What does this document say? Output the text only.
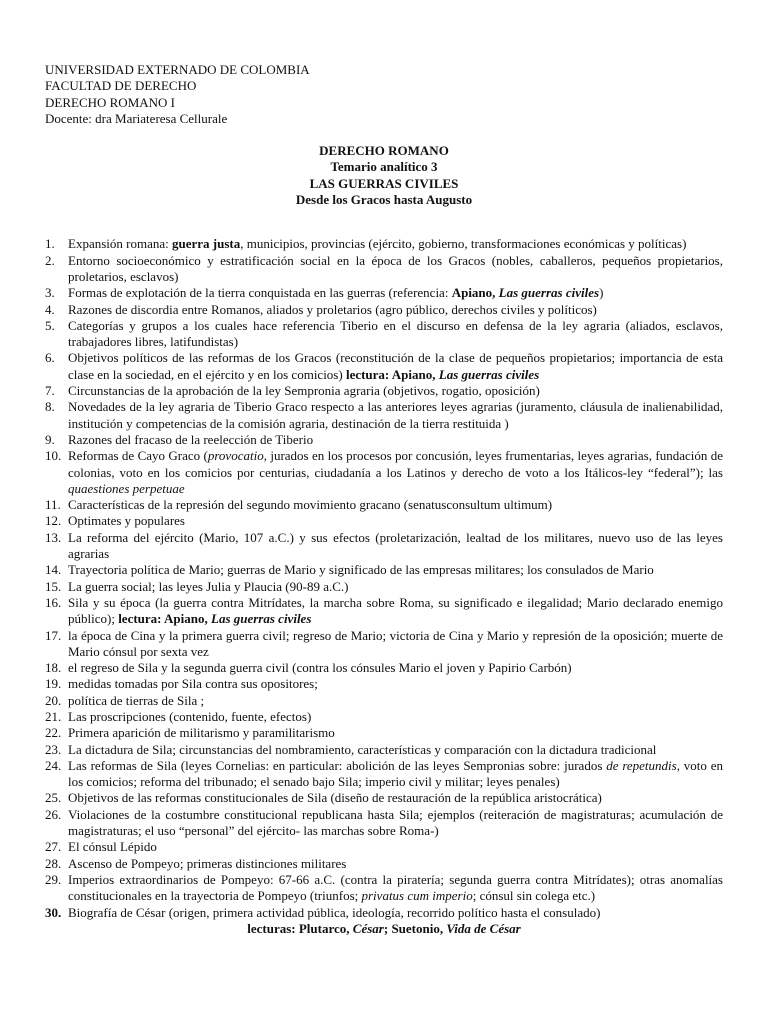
UNIVERSIDAD EXTERNADO DE COLOMBIA

FACULTAD DE DERECHO

DERECHO ROMANO I

Docente: dra Mariateresa Cellurale

DERECHO ROMANO
Temario analítico 3
LAS GUERRAS CIVILES
Desde los Gracos hasta Augusto
1.	Expansión romana: guerra justa, municipios, provincias (ejército, gobierno, transformaciones económicas y políticas)
2.	Entorno socioeconómico y estratificación social en la época de los Gracos (nobles, caballeros, pequeños propietarios, proletarios, esclavos)
3.	Formas de explotación de la tierra conquistada en las guerras (referencia: Apiano, Las guerras civiles)
4.	Razones de discordia entre Romanos, aliados y proletarios (agro público, derechos civiles y políticos)
5.	Categorías y grupos a los cuales hace referencia Tiberio en el discurso en defensa de la ley agraria (aliados, esclavos, trabajadores libres, latifundistas)
6.	Objetivos políticos de las reformas de los Gracos (reconstitución de la clase de pequeños propietarios; importancia de esta clase en la sociedad, en el ejército y en los comicios) lectura: Apiano, Las guerras civiles
7.	Circunstancias de la aprobación de la ley Sempronia agraria (objetivos, rogatio, oposición)
8.	Novedades de la ley agraria de Tiberio Graco respecto a las anteriores leyes agrarias (juramento, cláusula de inalienabilidad, institución y competencias de la comisión agraria, destinación de la tierra restituida )
9.	Razones del fracaso de la reelección de Tiberio
10. Reformas de Cayo Graco (provocatio, jurados en los procesos por concusión, leyes frumentarias, leyes agrarias, fundación de colonias, voto en los comicios por centurias, ciudadanía a los Latinos y derecho de voto a los Itálicos-ley “federal”); las quaestiones perpetuae
11. Características de la represión del segundo movimiento gracano (senatusconsultum ultimum)
12. Optimates y populares
13. La reforma del ejército (Mario, 107 a.C.) y sus efectos (proletarización, lealtad de los militares, nuevo uso de las leyes agrarias
14. Trayectoria política de Mario; guerras de Mario y significado de las empresas militares; los consulados de Mario
15. La guerra social; las leyes Julia y Plaucia (90-89 a.C.)
16. Sila y su época (la guerra contra Mitrídates, la marcha sobre Roma, su significado e ilegalidad; Mario declarado enemigo público); lectura: Apiano, Las guerras civiles
17. la época de Cina y la primera guerra civil; regreso de Mario; victoria de Cina y Mario y represión de la oposición; muerte de Mario cónsul por sexta vez
18. el regreso de Sila y la segunda guerra civil (contra los cónsules Mario el joven y Papirio Carbón)
19. medidas tomadas por Sila contra sus opositores;
20. política de tierras de Sila ;
21. Las proscripciones (contenido, fuente, efectos)
22. Primera aparición de militarismo y paramilitarismo
23. La dictadura de Sila; circunstancias del nombramiento, características y comparación con la dictadura tradicional
24. Las reformas de Sila (leyes Cornelias: en particular: abolición de las leyes Sempronias sobre: jurados de repetundis, voto en los comicios; reforma del tribunado; el senado bajo Sila; imperio civil y militar; leyes penales)
25. Objetivos de las reformas constitucionales de Sila (diseño de restauración de la república aristocrática)
26. Violaciones de la costumbre constitucional republicana hasta Sila; ejemplos (reiteración de magistraturas; acumulación de magistraturas; el uso “personal” del ejército- las marchas sobre Roma-)
27. El cónsul Lépido
28. Ascenso de Pompeyo; primeras distinciones militares
29. Imperios extraordinarios de Pompeyo: 67-66 a.C. (contra la piratería; segunda guerra contra Mitrídates); otras anomalías constitucionales en la trayectoria de Pompeyo (triunfos; privatus cum imperio; cónsul sin colega etc.)
30. Biografía de César (origen, primera actividad pública, ideología, recorrido político hasta el consulado)

lecturas: Plutarco, César; Suetonio, Vida de César
